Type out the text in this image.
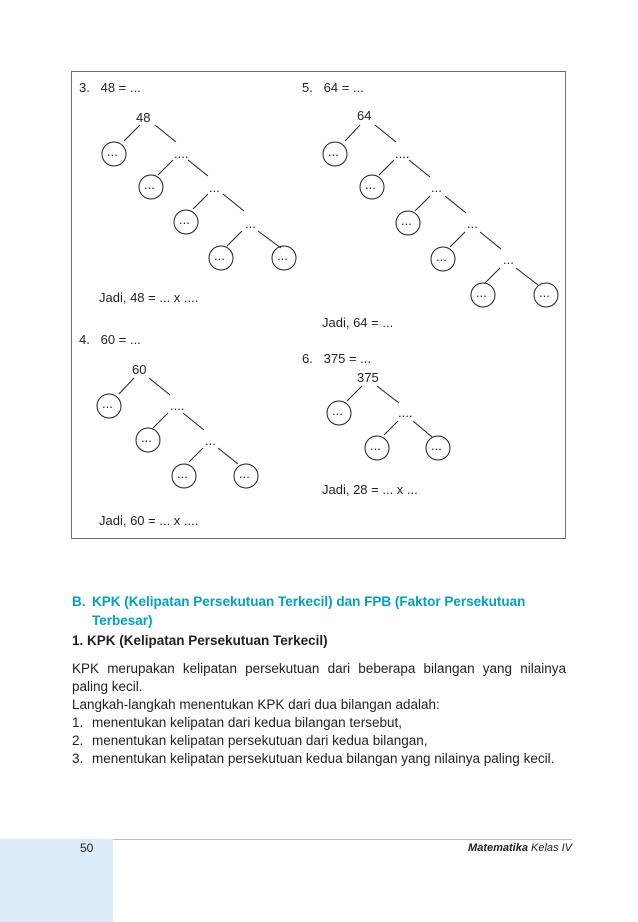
3.   48 = ...
48
...	....
...	...
...	...
...	...
Jadi, 48 = ... x ....
4.   60 = ...
60
...	....
...	...
...	...
Jadi, 60 = ... x ....
5.   64 = ...
64
...	....
...	...
...	...
...	...
...	...
Jadi, 64 = ...
6.   375 = ...
375
...	....
...	...
Jadi, 28 = ... x ...
B. KPK (Kelipatan Persekutuan Terkecil) dan FPB (Faktor Persekutuan Terbesar)
1. KPK (Kelipatan Persekutuan Terkecil)
KPK merupakan kelipatan persekutuan dari beberapa bilangan yang nilainya paling kecil.
Langkah-langkah menentukan KPK dari dua bilangan adalah:
1. menentukan kelipatan dari kedua bilangan tersebut,
2. menentukan kelipatan persekutuan dari kedua bilangan,
3. menentukan kelipatan persekutuan kedua bilangan yang nilainya paling kecil.
50	Matematika Kelas IV
